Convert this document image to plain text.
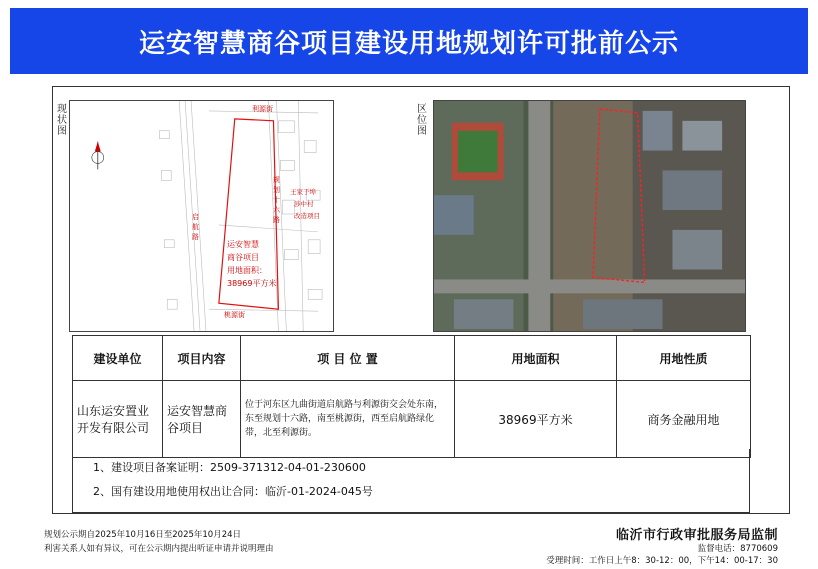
运安智慧商谷项目建设用地规划许可批前公示
现状图
区位图
利源街
桃源街
启航路
规划十六路
王家于埠
涉中村
改造项目
运安智慧
商谷项目
用地面积：
38969平方米
建设单位	项目内容	项 目 位 置	用地面积	用地性质
山东运安置业开发有限公司	运安智慧商谷项目	位于河东区九曲街道启航路与利源街交会处东南，东至规划十六路，南至桃源街，西至启航路绿化带，北至利源街。	38969平方米	商务金融用地
1、建设项目备案证明：2509-371312-04-01-230600
2、国有建设用地使用权出让合同：临沂-01-2024-045号
规划公示期自2025年10月16日至2025年10月24日
利害关系人如有异议，可在公示期内提出听证申请并说明理由
临沂市行政审批服务局监制
监督电话：8770609
受理时间：工作日上午8：30-12：00，下午14：00-17：30
